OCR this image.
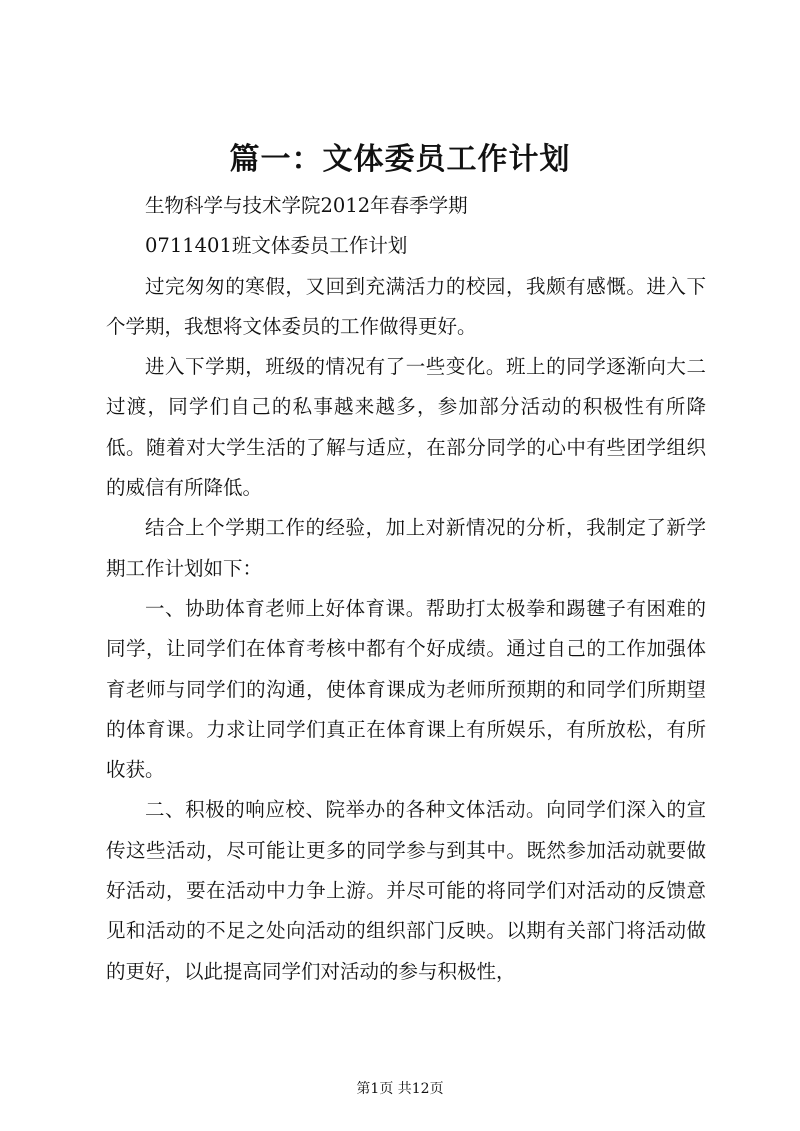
篇一：文体委员工作计划

生物科学与技术学院2012年春季学期

0711401班文体委员工作计划

过完匆匆的寒假，又回到充满活力的校园，我颇有感慨。进入下个学期，我想将文体委员的工作做得更好。

进入下学期，班级的情况有了一些变化。班上的同学逐渐向大二过渡，同学们自己的私事越来越多，参加部分活动的积极性有所降低。随着对大学生活的了解与适应，在部分同学的心中有些团学组织的威信有所降低。

结合上个学期工作的经验，加上对新情况的分析，我制定了新学期工作计划如下：

一、协助体育老师上好体育课。帮助打太极拳和踢毽子有困难的同学，让同学们在体育考核中都有个好成绩。通过自己的工作加强体育老师与同学们的沟通，使体育课成为老师所预期的和同学们所期望的体育课。力求让同学们真正在体育课上有所娱乐，有所放松，有所收获。

二、积极的响应校、院举办的各种文体活动。向同学们深入的宣传这些活动，尽可能让更多的同学参与到其中。既然参加活动就要做好活动，要在活动中力争上游。并尽可能的将同学们对活动的反馈意见和活动的不足之处向活动的组织部门反映。以期有关部门将活动做的更好，以此提高同学们对活动的参与积极性，

第1页 共12页
